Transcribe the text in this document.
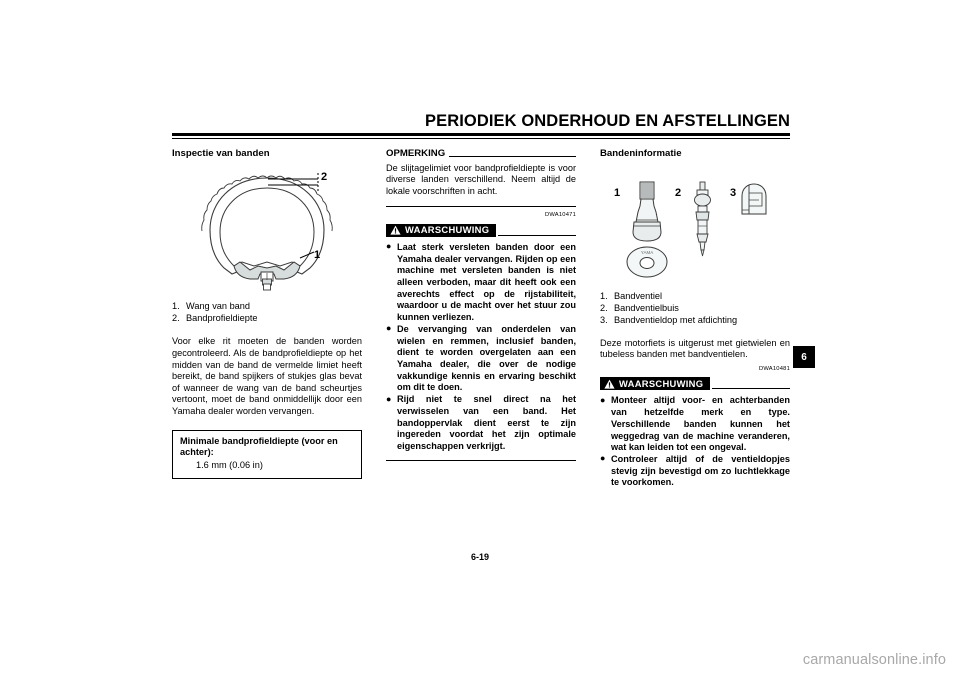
PERIODIEK ONDERHOUD EN AFSTELLINGEN
Inspectie van banden
2
1
1. Wang van band
2. Bandprofieldiepte

Voor elke rit moeten de banden worden gecontroleerd. Als de bandprofieldiepte op het midden van de band de vermelde limiet heeft bereikt, de band spijkers of stukjes glas bevat of wanneer de wang van de band scheurtjes vertoont, moet de band onmiddellijk door een Yamaha dealer worden vervangen.

Minimale bandprofieldiepte (voor en achter):
1.6 mm (0.06 in)
OPMERKING

De slijtagelimiet voor bandprofieldiepte is voor diverse landen verschillend. Neem altijd de lokale voorschriften in acht.

DWA10471
WAARSCHUWING
● Laat sterk versleten banden door een Yamaha dealer vervangen. Rijden op een machine met versleten banden is niet alleen verboden, maar dit heeft ook een averechts effect op de rijstabiliteit, waardoor u de macht over het stuur zou kunnen verliezen.
● De vervanging van onderdelen van wielen en remmen, inclusief banden, dient te worden overgelaten aan een Yamaha dealer, die over de nodige vakkundige kennis en ervaring beschikt om dit te doen.
● Rijd niet te snel direct na het verwisselen van een band. Het bandoppervlak dient eerst te zijn ingereden voordat het zijn optimale eigenschappen verkrijgt.
Bandeninformatie
YAMA
1	2	3
1. Bandventiel
2. Bandventielbuis
3. Bandventieldop met afdichting

Deze motorfiets is uitgerust met gietwielen en tubeless banden met bandventielen.

DWA10481
WAARSCHUWING
● Monteer altijd voor- en achterbanden van hetzelfde merk en type. Verschillende banden kunnen het weggedrag van de machine veranderen, wat kan leiden tot een ongeval.
● Controleer altijd of de ventieldopjes stevig zijn bevestigd om zo luchtlekkage te voorkomen.
6
6-19
carmanualsonline.info
